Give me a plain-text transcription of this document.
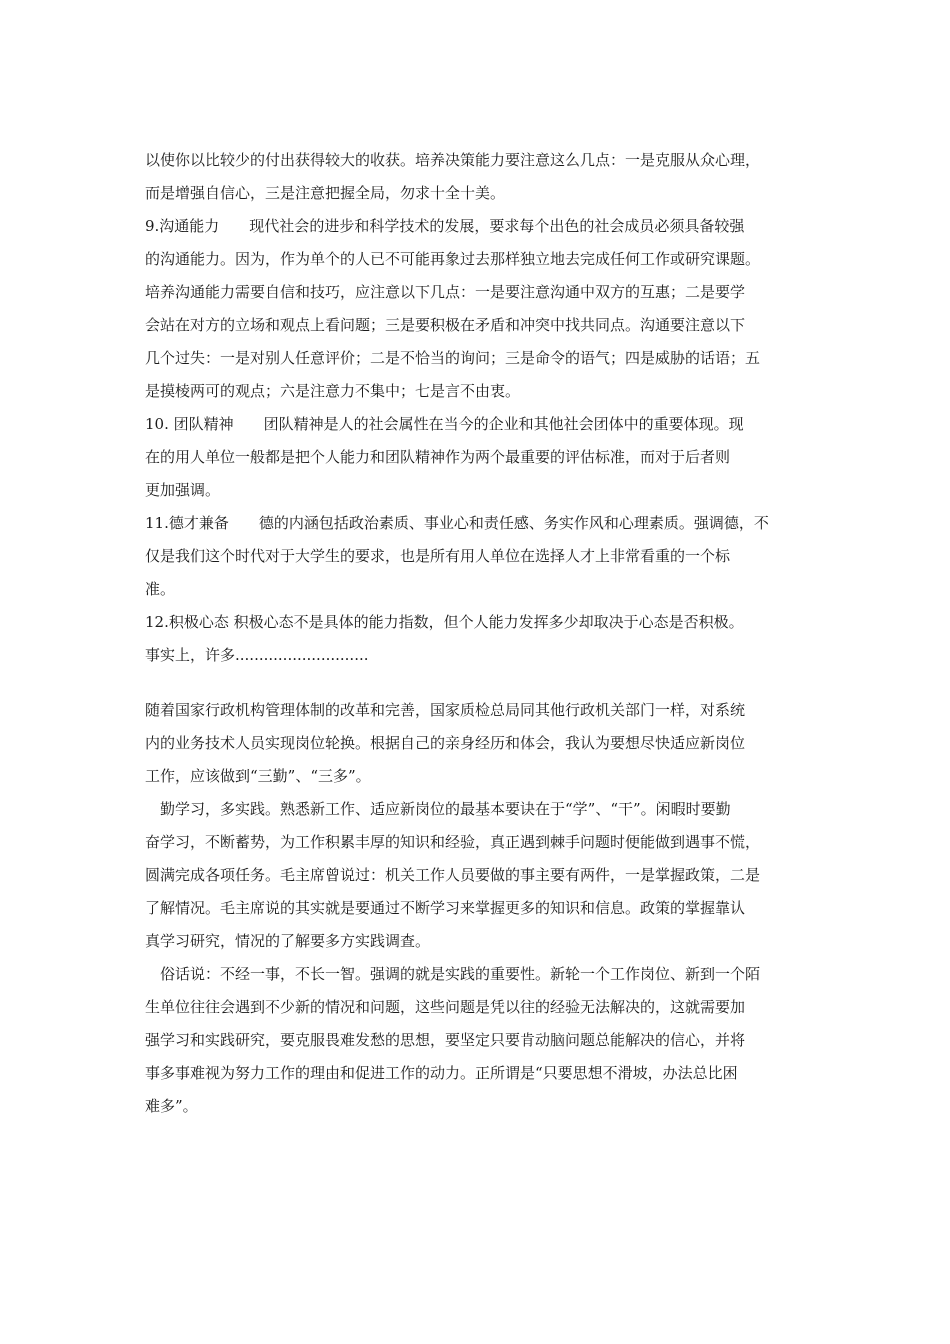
以使你以比较少的付出获得较大的收获。培养决策能力要注意这么几点：一是克服从众心理，
而是增强自信心，三是注意把握全局，勿求十全十美。
9.沟通能力　　现代社会的进步和科学技术的发展，要求每个出色的社会成员必须具备较强
的沟通能力。因为，作为单个的人已不可能再象过去那样独立地去完成任何工作或研究课题。
培养沟通能力需要自信和技巧，应注意以下几点：一是要注意沟通中双方的互惠；二是要学
会站在对方的立场和观点上看问题；三是要积极在矛盾和冲突中找共同点。沟通要注意以下
几个过失：一是对别人任意评价；二是不恰当的询问；三是命令的语气；四是威胁的话语；五
是摸棱两可的观点；六是注意力不集中；七是言不由衷。
10. 团队精神　　团队精神是人的社会属性在当今的企业和其他社会团体中的重要体现。现
在的用人单位一般都是把个人能力和团队精神作为两个最重要的评估标准，而对于后者则
更加强调。
11.德才兼备　　德的内涵包括政治素质、事业心和责任感、务实作风和心理素质。强调德，不
仅是我们这个时代对于大学生的要求，也是所有用人单位在选择人才上非常看重的一个标
准。
12.积极心态 积极心态不是具体的能力指数，但个人能力发挥多少却取决于心态是否积极。
事实上，许多............................
随着国家行政机构管理体制的改革和完善，国家质检总局同其他行政机关部门一样，对系统
内的业务技术人员实现岗位轮换。根据自己的亲身经历和体会，我认为要想尽快适应新岗位
工作，应该做到“三勤”、“三多”。
　勤学习，多实践。熟悉新工作、适应新岗位的最基本要诀在于“学”、“干”。闲暇时要勤
奋学习，不断蓄势，为工作积累丰厚的知识和经验，真正遇到棘手问题时便能做到遇事不慌，
圆满完成各项任务。毛主席曾说过：机关工作人员要做的事主要有两件，一是掌握政策，二是
了解情况。毛主席说的其实就是要通过不断学习来掌握更多的知识和信息。政策的掌握靠认
真学习研究，情况的了解要多方实践调查。
　俗话说：不经一事，不长一智。强调的就是实践的重要性。新轮一个工作岗位、新到一个陌
生单位往往会遇到不少新的情况和问题，这些问题是凭以往的经验无法解决的，这就需要加
强学习和实践研究，要克服畏难发愁的思想，要坚定只要肯动脑问题总能解决的信心，并将
事多事难视为努力工作的理由和促进工作的动力。正所谓是“只要思想不滑坡，办法总比困
难多”。
